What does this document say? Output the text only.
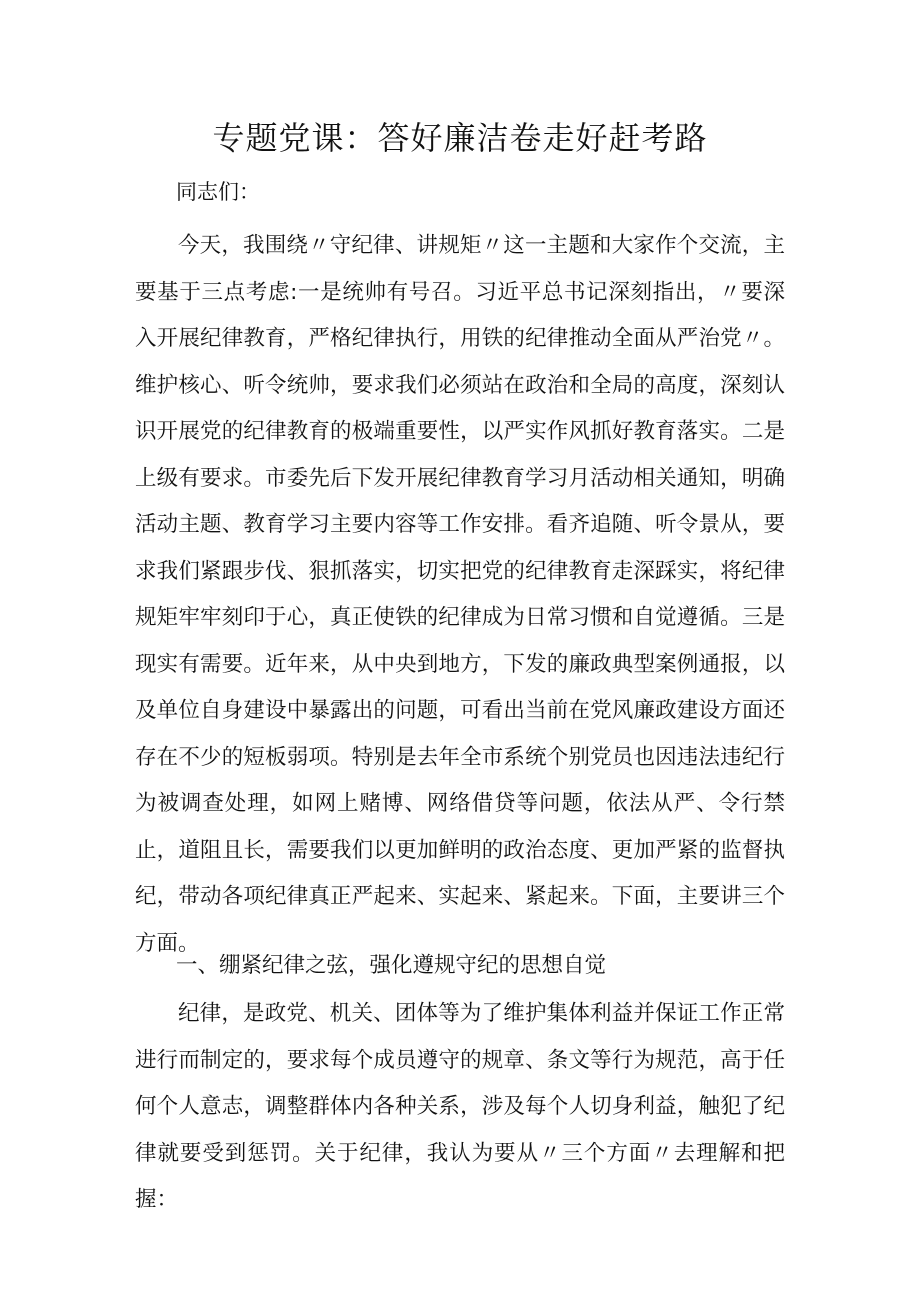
专题党课：答好廉洁卷走好赶考路

同志们：

今天，我围绕〃守纪律、讲规矩〃这一主题和大家作个交流，主要基于三点考虑:一是统帅有号召。习近平总书记深刻指出，〃要深入开展纪律教育，严格纪律执行，用铁的纪律推动全面从严治党〃。维护核心、听令统帅，要求我们必须站在政治和全局的高度，深刻认识开展党的纪律教育的极端重要性，以严实作风抓好教育落实。二是上级有要求。市委先后下发开展纪律教育学习月活动相关通知，明确活动主题、教育学习主要内容等工作安排。看齐追随、听令景从，要求我们紧跟步伐、狠抓落实，切实把党的纪律教育走深踩实，将纪律规矩牢牢刻印于心，真正使铁的纪律成为日常习惯和自觉遵循。三是现实有需要。近年来，从中央到地方，下发的廉政典型案例通报，以及单位自身建设中暴露出的问题，可看出当前在党风廉政建设方面还存在不少的短板弱项。特别是去年全市系统个别党员也因违法违纪行为被调查处理，如网上赌博、网络借贷等问题，依法从严、令行禁止，道阻且长，需要我们以更加鲜明的政治态度、更加严紧的监督执纪，带动各项纪律真正严起来、实起来、紧起来。下面，主要讲三个方面。

一、绷紧纪律之弦，强化遵规守纪的思想自觉

纪律，是政党、机关、团体等为了维护集体利益并保证工作正常进行而制定的，要求每个成员遵守的规章、条文等行为规范，高于任何个人意志，调整群体内各种关系，涉及每个人切身利益，触犯了纪律就要受到惩罚。关于纪律，我认为要从〃三个方面〃去理解和把握：
